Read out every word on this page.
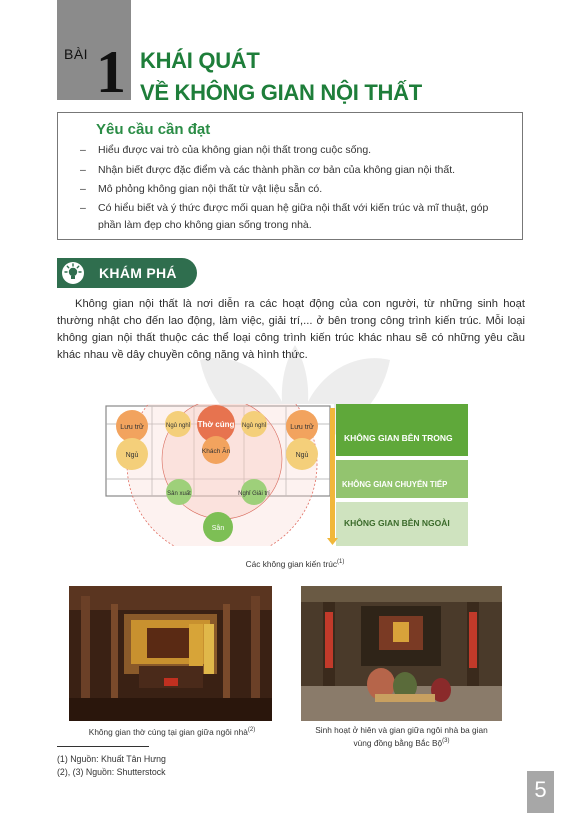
BÀI 1 KHÁI QUÁT
VỀ KHÔNG GIAN NỘI THẤT
Yêu cầu cần đạt
–	Hiểu được vai trò của không gian nội thất trong cuộc sống.
–	Nhận biết được đặc điểm và các thành phần cơ bản của không gian nội thất.
–	Mô phỏng không gian nội thất từ vật liệu sẵn có.
–	Có hiểu biết và ý thức được mối quan hệ giữa nội thất với kiến trúc và mĩ thuật, góp phần làm đẹp cho không gian sống trong nhà.
KHÁM PHÁ
Không gian nội thất là nơi diễn ra các hoạt động của con người, từ những sinh hoạt thường nhật cho đến lao động, làm việc, giải trí,... ở bên trong công trình kiến trúc. Mỗi loại không gian nội thất thuộc các thể loại công trình kiến trúc khác nhau sẽ có những yêu cầu khác nhau về dây chuyền công năng và hình thức.
Thờ cúng
Lưu trữ	Ngủ nghỉ	Ngủ nghỉ	Lưu trữ
Ngủ
Khách Ăn
Ngủ
Sản xuất	Nghỉ Giải trí
Sân
KHÔNG GIAN BÊN TRONG
KHÔNG GIAN CHUYỂN TIẾP
KHÔNG GIAN BÊN NGOÀI
Các không gian kiến trúc$^{(1)}$
Không gian thờ cúng tại gian giữa ngôi nhà$^{(2)}$	Sinh hoạt ở hiên và gian giữa ngôi nhà ba gian
vùng đồng bằng Bắc Bộ$^{(3)}$
(1) Nguồn: Khuất Tân Hưng
(2), (3) Nguồn: Shutterstock
5
